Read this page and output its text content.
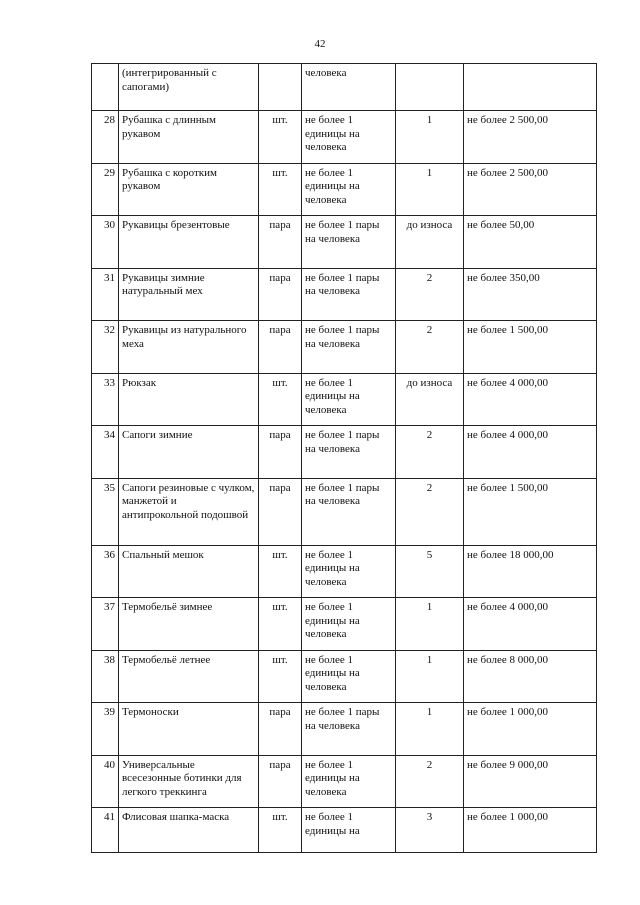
42
	(интегрированный с сапогами)		человека		
28	Рубашка с длинным рукавом	шт.	не более 1 единицы на человека	1	не более 2 500,00
29	Рубашка с коротким рукавом	шт.	не более 1 единицы на человека	1	не более 2 500,00
30	Рукавицы брезентовые	пара	не более 1 пары на человека	до износа	не более 50,00
31	Рукавицы зимние натуральный мех	пара	не более 1 пары на человека	2	не более 350,00
32	Рукавицы из натурального меха	пара	не более 1 пары на человека	2	не более 1 500,00
33	Рюкзак	шт.	не более 1 единицы на человека	до износа	не более 4 000,00
34	Сапоги зимние	пара	не более 1 пары на человека	2	не более 4 000,00
35	Сапоги резиновые с чулком, манжетой и антипрокольной подошвой	пара	не более 1 пары на человека	2	не более 1 500,00
36	Спальный мешок	шт.	не более 1 единицы на человека	5	не более 18 000,00
37	Термобельё зимнее	шт.	не более 1 единицы на человека	1	не более 4 000,00
38	Термобельё летнее	шт.	не более 1 единицы на человека	1	не более 8 000,00
39	Термоноски	пара	не более 1 пары на человека	1	не более 1 000,00
40	Универсальные всесезонные ботинки для легкого треккинга	пара	не более 1 единицы на человека	2	не более 9 000,00
41	Флисовая шапка-маска	шт.	не более 1 единицы на	3	не более 1 000,00
